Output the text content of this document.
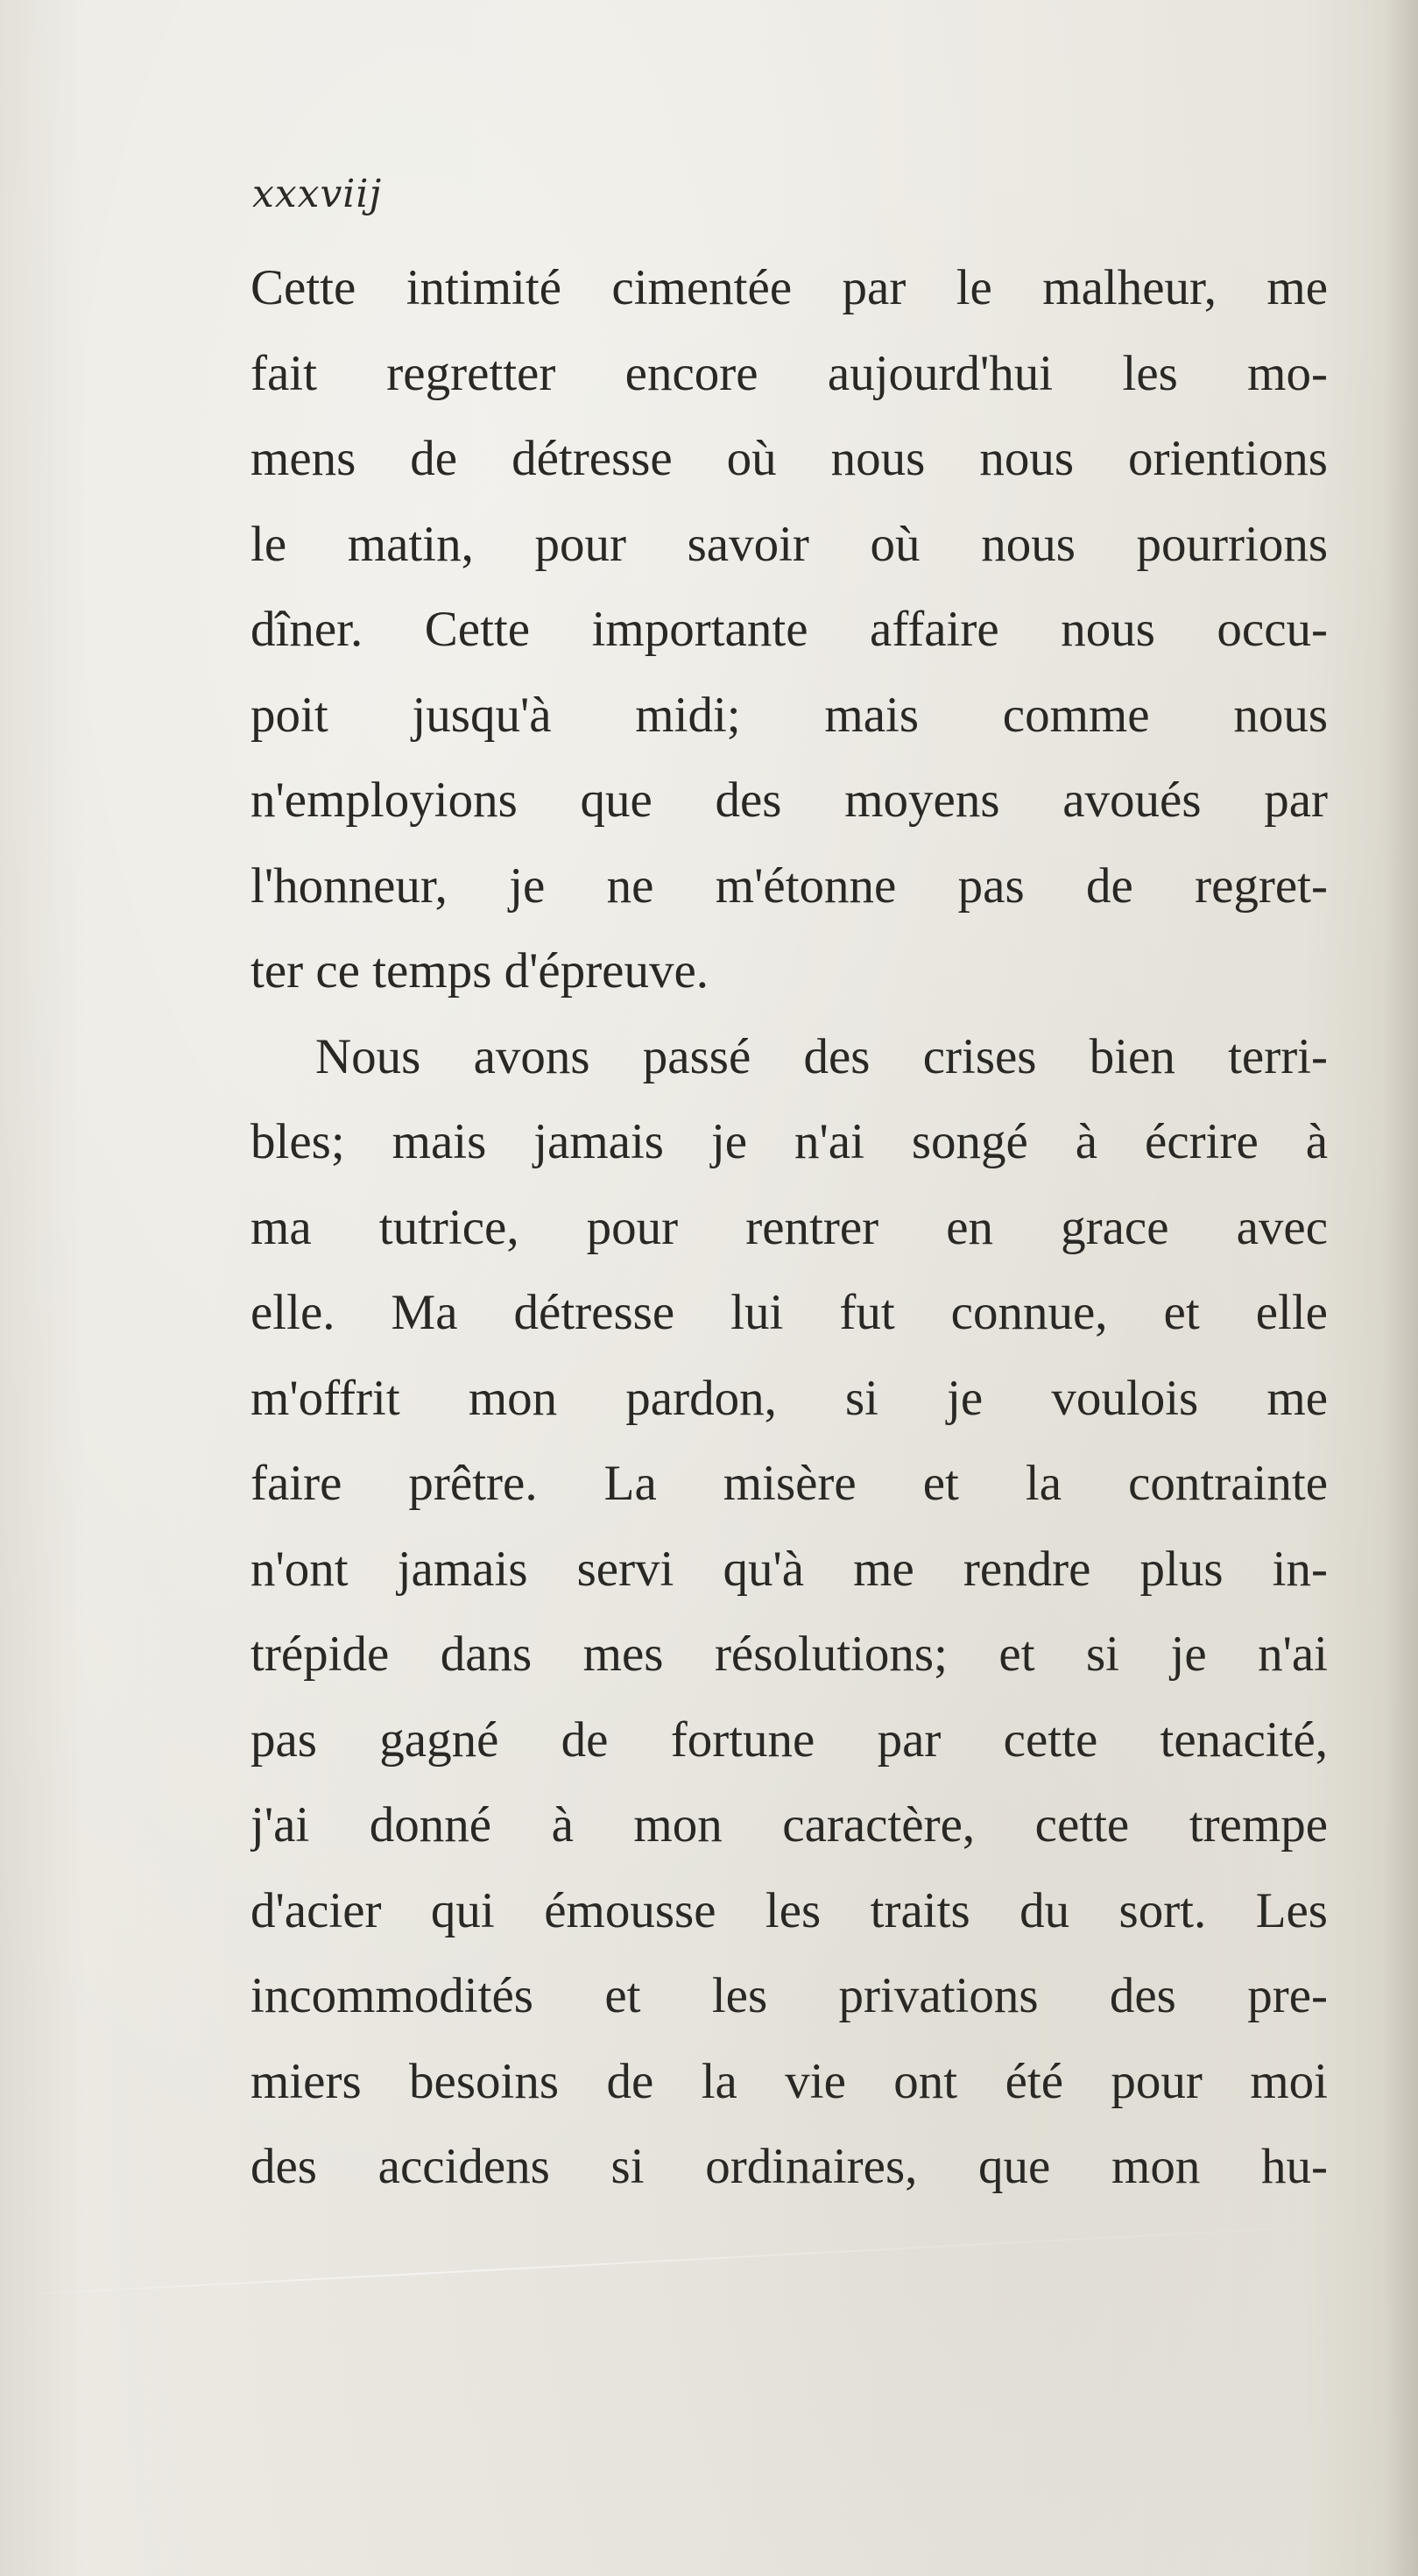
xxxviij
Cette intimité cimentée par le malheur, me
fait regretter encore aujourd'hui les mo-
mens de détresse où nous nous orientions
le matin, pour savoir où nous pourrions
dîner. Cette importante affaire nous occu-
poit jusqu'à midi; mais comme nous
n'employions que des moyens avoués par
l'honneur, je ne m'étonne pas de regret-
ter ce temps d'épreuve.
Nous avons passé des crises bien terri-
bles; mais jamais je n'ai songé à écrire à
ma tutrice, pour rentrer en grace avec
elle. Ma détresse lui fut connue, et elle
m'offrit mon pardon, si je voulois me
faire prêtre. La misère et la contrainte
n'ont jamais servi qu'à me rendre plus in-
trépide dans mes résolutions; et si je n'ai
pas gagné de fortune par cette tenacité,
j'ai donné à mon caractère, cette trempe
d'acier qui émousse les traits du sort. Les
incommodités et les privations des pre-
miers besoins de la vie ont été pour moi
des accidens si ordinaires, que mon hu-
